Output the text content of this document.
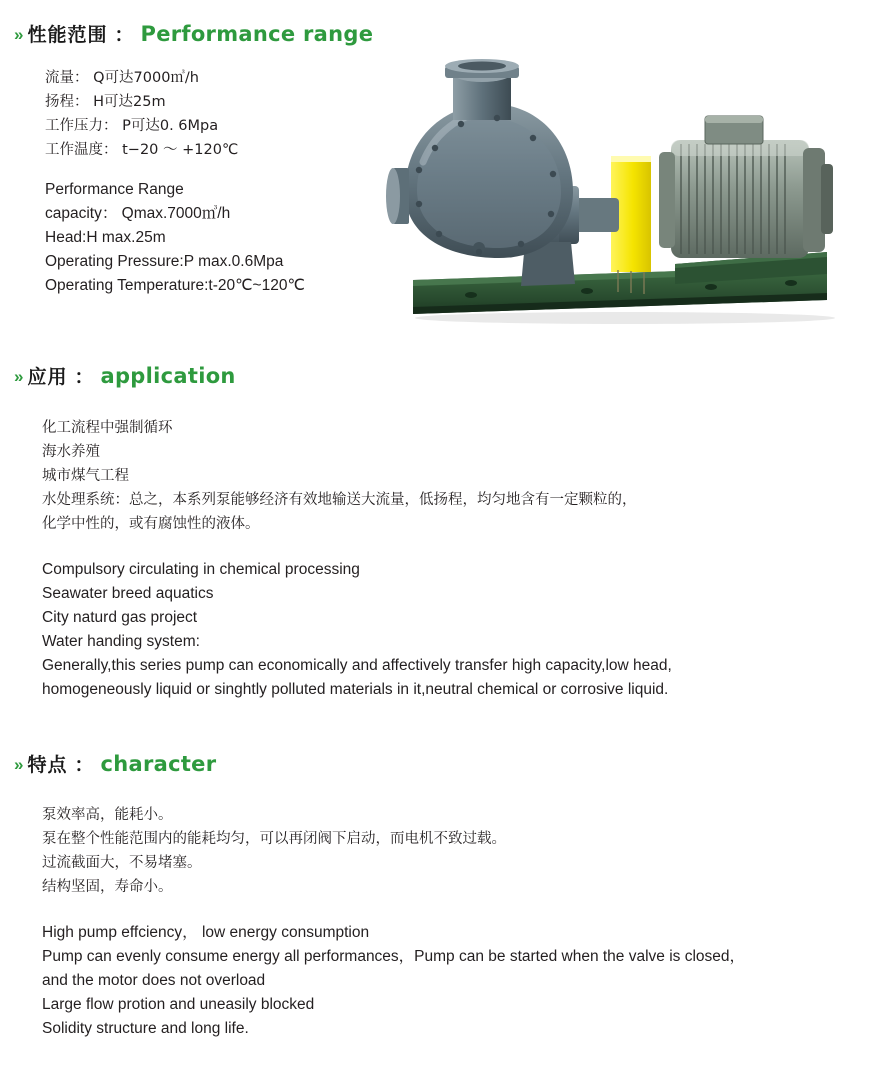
» 性能范围 ： Performance range
流量： Q可达7000㎥/h
扬程： H可达25m
工作压力： P可达0. 6Mpa
工作温度： t−20 ～ +120℃
Performance Range
capacity： Qmax.7000㎥/h
Head:H max.25m
Operating Pressure:P max.0.6Mpa
Operating Temperature:t-20℃~120℃
» 应用 ： application
化工流程中强制循环
海水养殖
城市煤气工程
水处理系统：总之，本系列泵能够经济有效地输送大流量，低扬程，均匀地含有一定颗粒的，
化学中性的，或有腐蚀性的液体。
Compulsory circulating in chemical processing
Seawater breed aquatics
City naturd gas project
Water handing system:
Generally,this series pump can economically and affectively transfer high capacity,low head,
homogeneously liquid or singhtly polluted materials in it,neutral chemical or corrosive liquid.
» 特点 ： character
泵效率高，能耗小。
泵在整个性能范围内的能耗均匀，可以再闭阀下启动，而电机不致过载。
过流截面大，不易堵塞。
结构坚固，寿命小。
High pump effciency， low energy consumption
Pump can evenly consume energy all performances，Pump can be started when the valve is closed，
and the motor does not overload
Large flow protion and uneasily blocked
Solidity structure and long life.
